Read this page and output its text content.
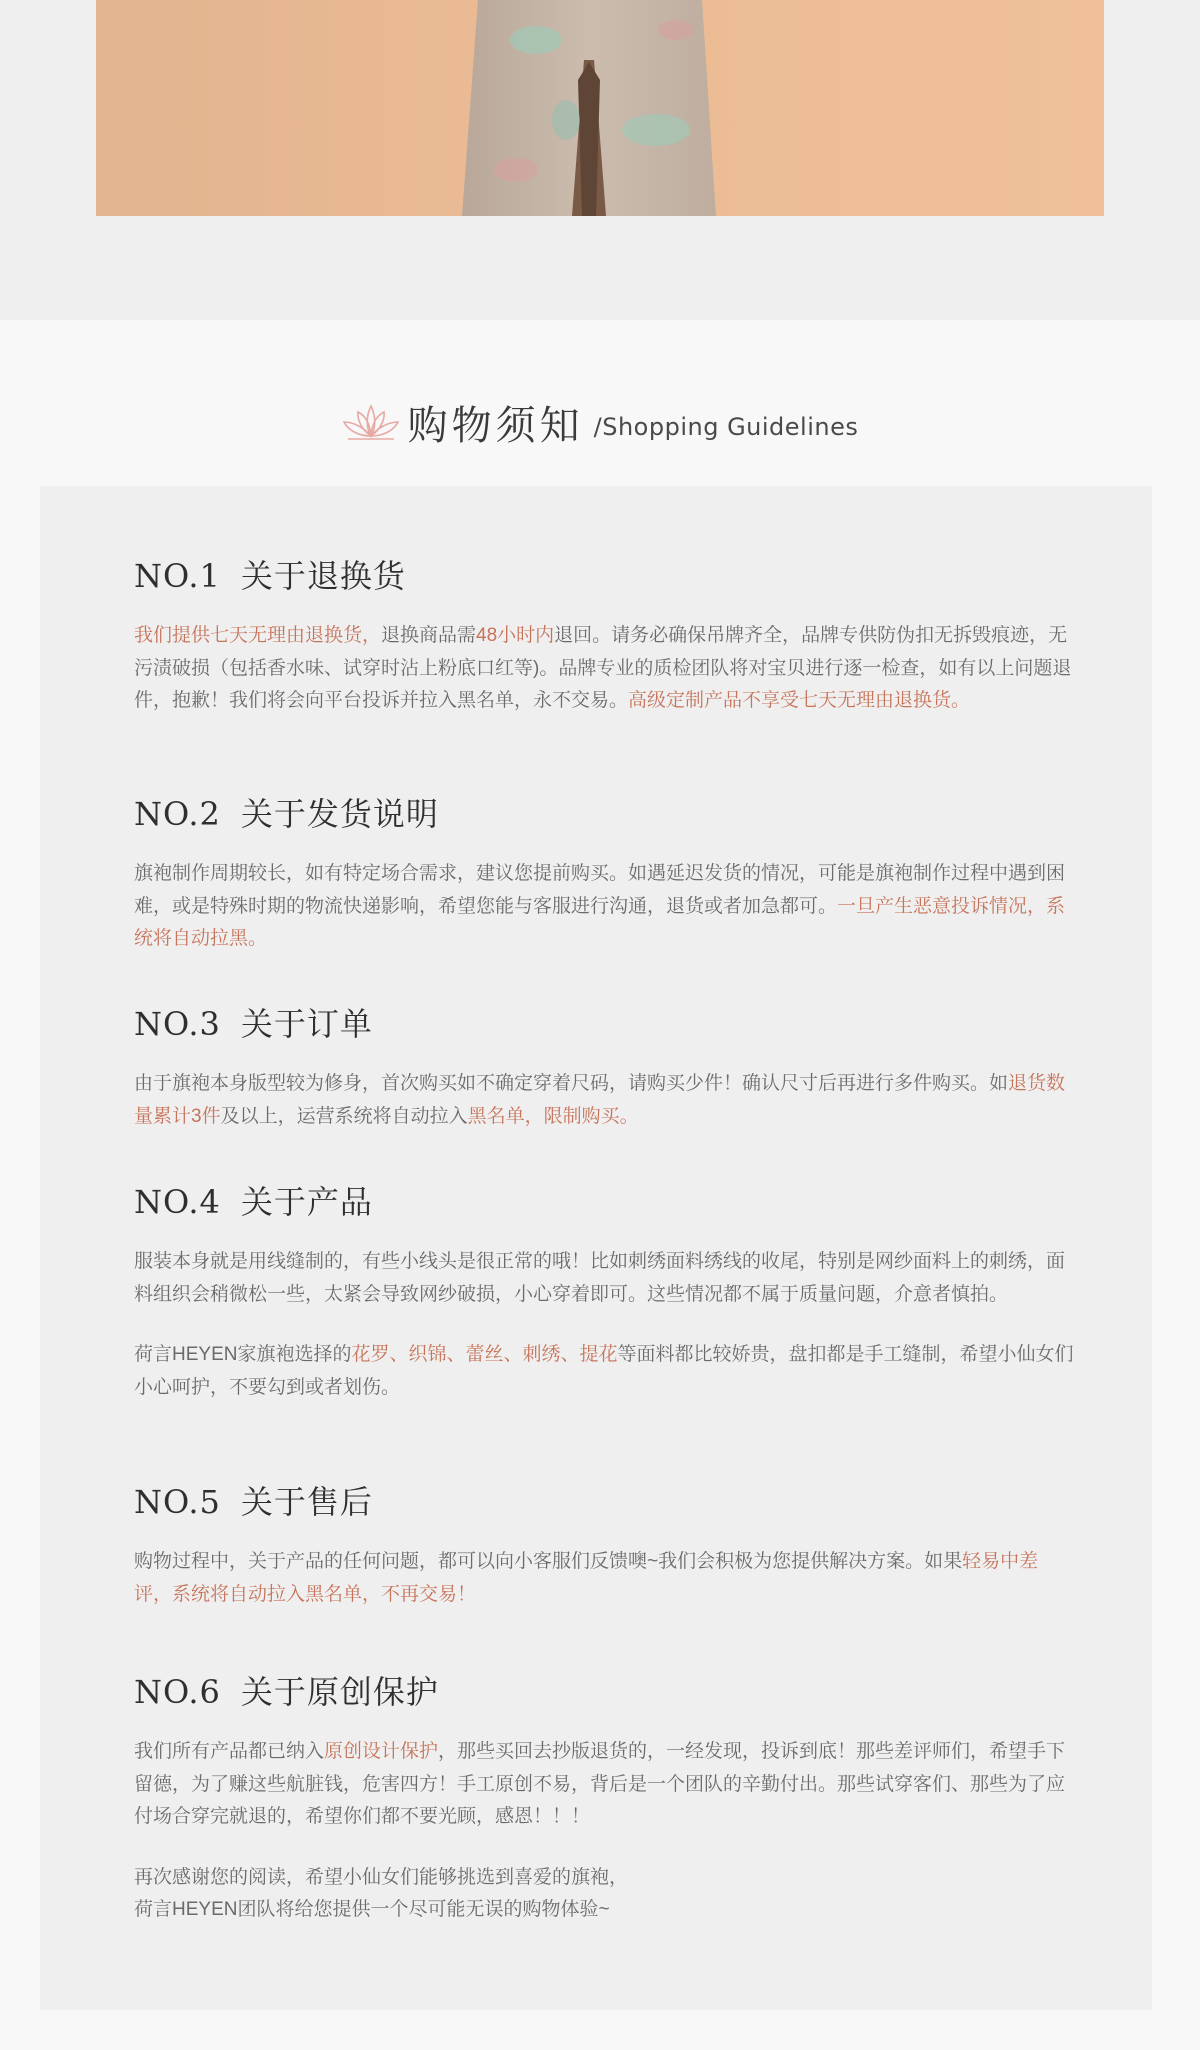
购物须知 /Shopping Guidelines
NO.1 关于退换货

我们提供七天无理由退换货，退换商品需48小时内退回。请务必确保吊牌齐全，品牌专供防伪扣无拆毁痕迹，无污渍破损（包括香水味、试穿时沾上粉底口红等)。品牌专业的质检团队将对宝贝进行逐一检查，如有以上问题退件，抱歉！我们将会向平台投诉并拉入黑名单，永不交易。高级定制产品不享受七天无理由退换货。

NO.2 关于发货说明

旗袍制作周期较长，如有特定场合需求，建议您提前购买。如遇延迟发货的情况，可能是旗袍制作过程中遇到困难，或是特殊时期的物流快递影响，希望您能与客服进行沟通，退货或者加急都可。一旦产生恶意投诉情况，系统将自动拉黑。

NO.3 关于订单

由于旗袍本身版型较为修身，首次购买如不确定穿着尺码，请购买少件！确认尺寸后再进行多件购买。如退货数量累计3件及以上，运营系统将自动拉入黑名单，限制购买。

NO.4 关于产品

服装本身就是用线缝制的，有些小线头是很正常的哦！比如刺绣面料绣线的收尾，特别是网纱面料上的刺绣，面料组织会稍微松一些，太紧会导致网纱破损，小心穿着即可。这些情况都不属于质量问题，介意者慎拍。

荷言HEYEN家旗袍选择的花罗、织锦、蕾丝、刺绣、提花等面料都比较娇贵，盘扣都是手工缝制，希望小仙女们小心呵护，不要勾到或者划伤。

NO.5 关于售后

购物过程中，关于产品的任何问题，都可以向小客服们反馈噢~我们会积极为您提供解决方案。如果轻易中差评，系统将自动拉入黑名单，不再交易！

NO.6 关于原创保护

我们所有产品都已纳入原创设计保护，那些买回去抄版退货的，一经发现，投诉到底！那些差评师们，希望手下留德，为了赚这些航脏钱，危害四方！手工原创不易，背后是一个团队的辛勤付出。那些试穿客们、那些为了应付场合穿完就退的，希望你们都不要光顾，感恩！！！

再次感谢您的阅读，希望小仙女们能够挑选到喜爱的旗袍，
荷言HEYEN团队将给您提供一个尽可能无误的购物体验~
